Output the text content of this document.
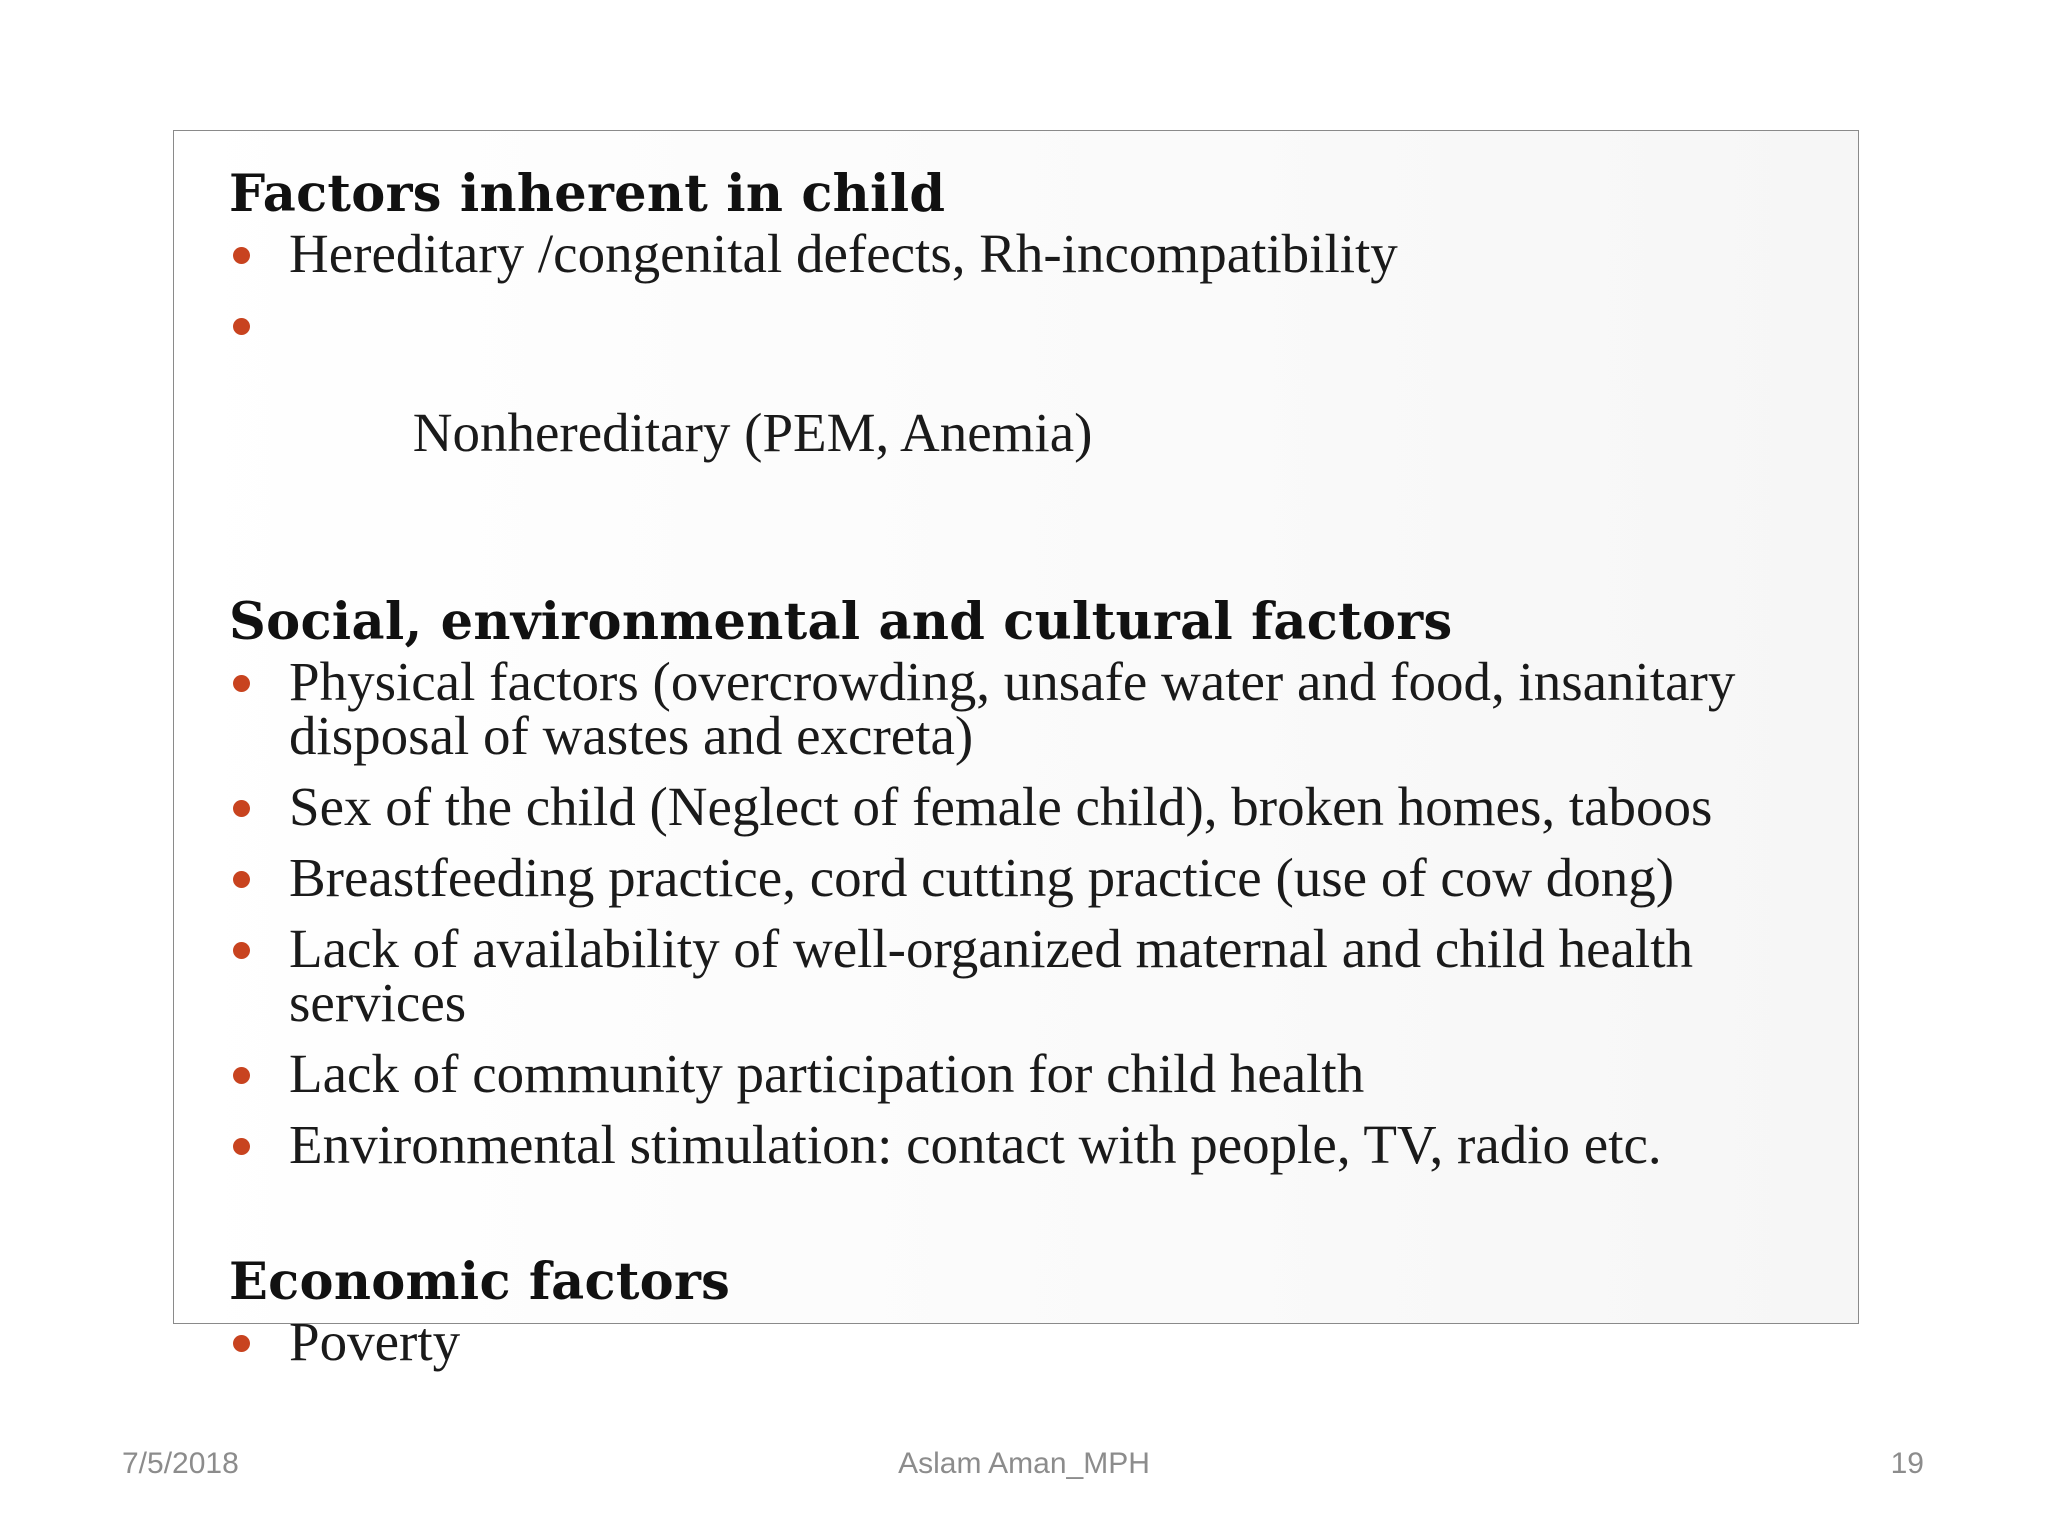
Factors inherent in child
Hereditary /congenital defects, Rh-incompatibility

Nonhereditary (PEM, Anemia)

Social, environmental and cultural factors
Physical factors (overcrowding, unsafe water and food, insanitary disposal of wastes and excreta)
Sex of the child (Neglect of female child), broken homes, taboos
Breastfeeding practice, cord cutting practice (use of cow dong)
Lack of availability of well-organized maternal and child health services
Lack of community participation for child health
Environmental stimulation: contact with people, TV, radio etc.
Economic factors
Poverty
7/5/2018	Aslam Aman_MPH	19
